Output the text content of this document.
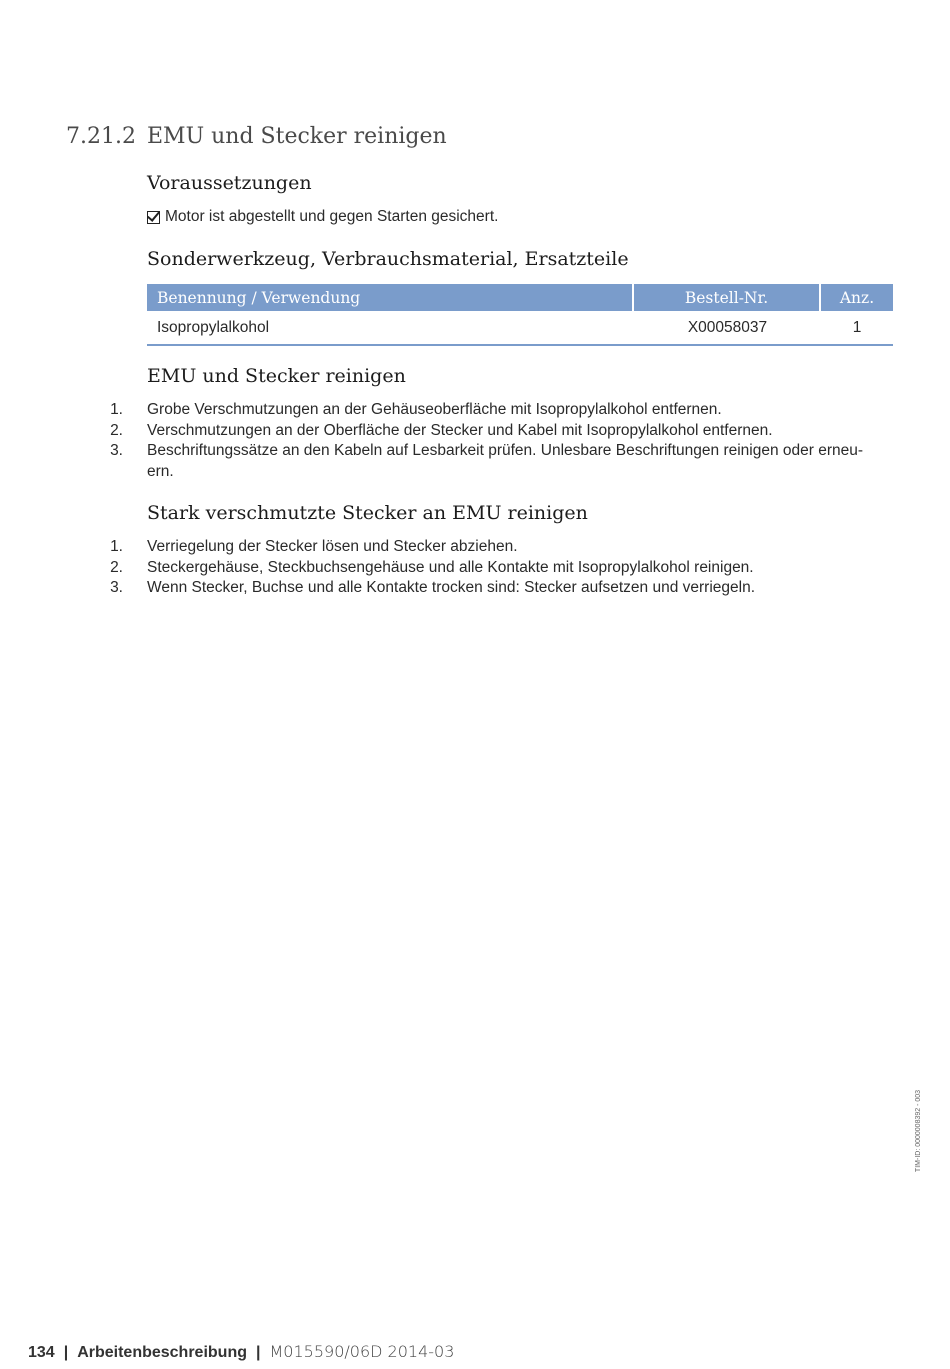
7.21.2 EMU und Stecker reinigen
Voraussetzungen
Motor ist abgestellt und gegen Starten gesichert.
Sonderwerkzeug, Verbrauchsmaterial, Ersatzteile
Benennung / Verwendung	Bestell-Nr.	Anz.
Isopropylalkohol	X00058037	1
EMU und Stecker reinigen
1. Grobe Verschmutzungen an der Gehäuseoberfläche mit Isopropylalkohol entfernen.
2. Verschmutzungen an der Oberfläche der Stecker und Kabel mit Isopropylalkohol entfernen.
3. Beschriftungssätze an den Kabeln auf Lesbarkeit prüfen. Unlesbare Beschriftungen reinigen oder erneu- ern.
Stark verschmutzte Stecker an EMU reinigen
1. Verriegelung der Stecker lösen und Stecker abziehen.
2. Steckergehäuse, Steckbuchsengehäuse und alle Kontakte mit Isopropylalkohol reinigen.
3. Wenn Stecker, Buchse und alle Kontakte trocken sind: Stecker aufsetzen und verriegeln.
TIM-ID: 0000008392 - 003
134 | Arbeitenbeschreibung | M015590/06D 2014-03
